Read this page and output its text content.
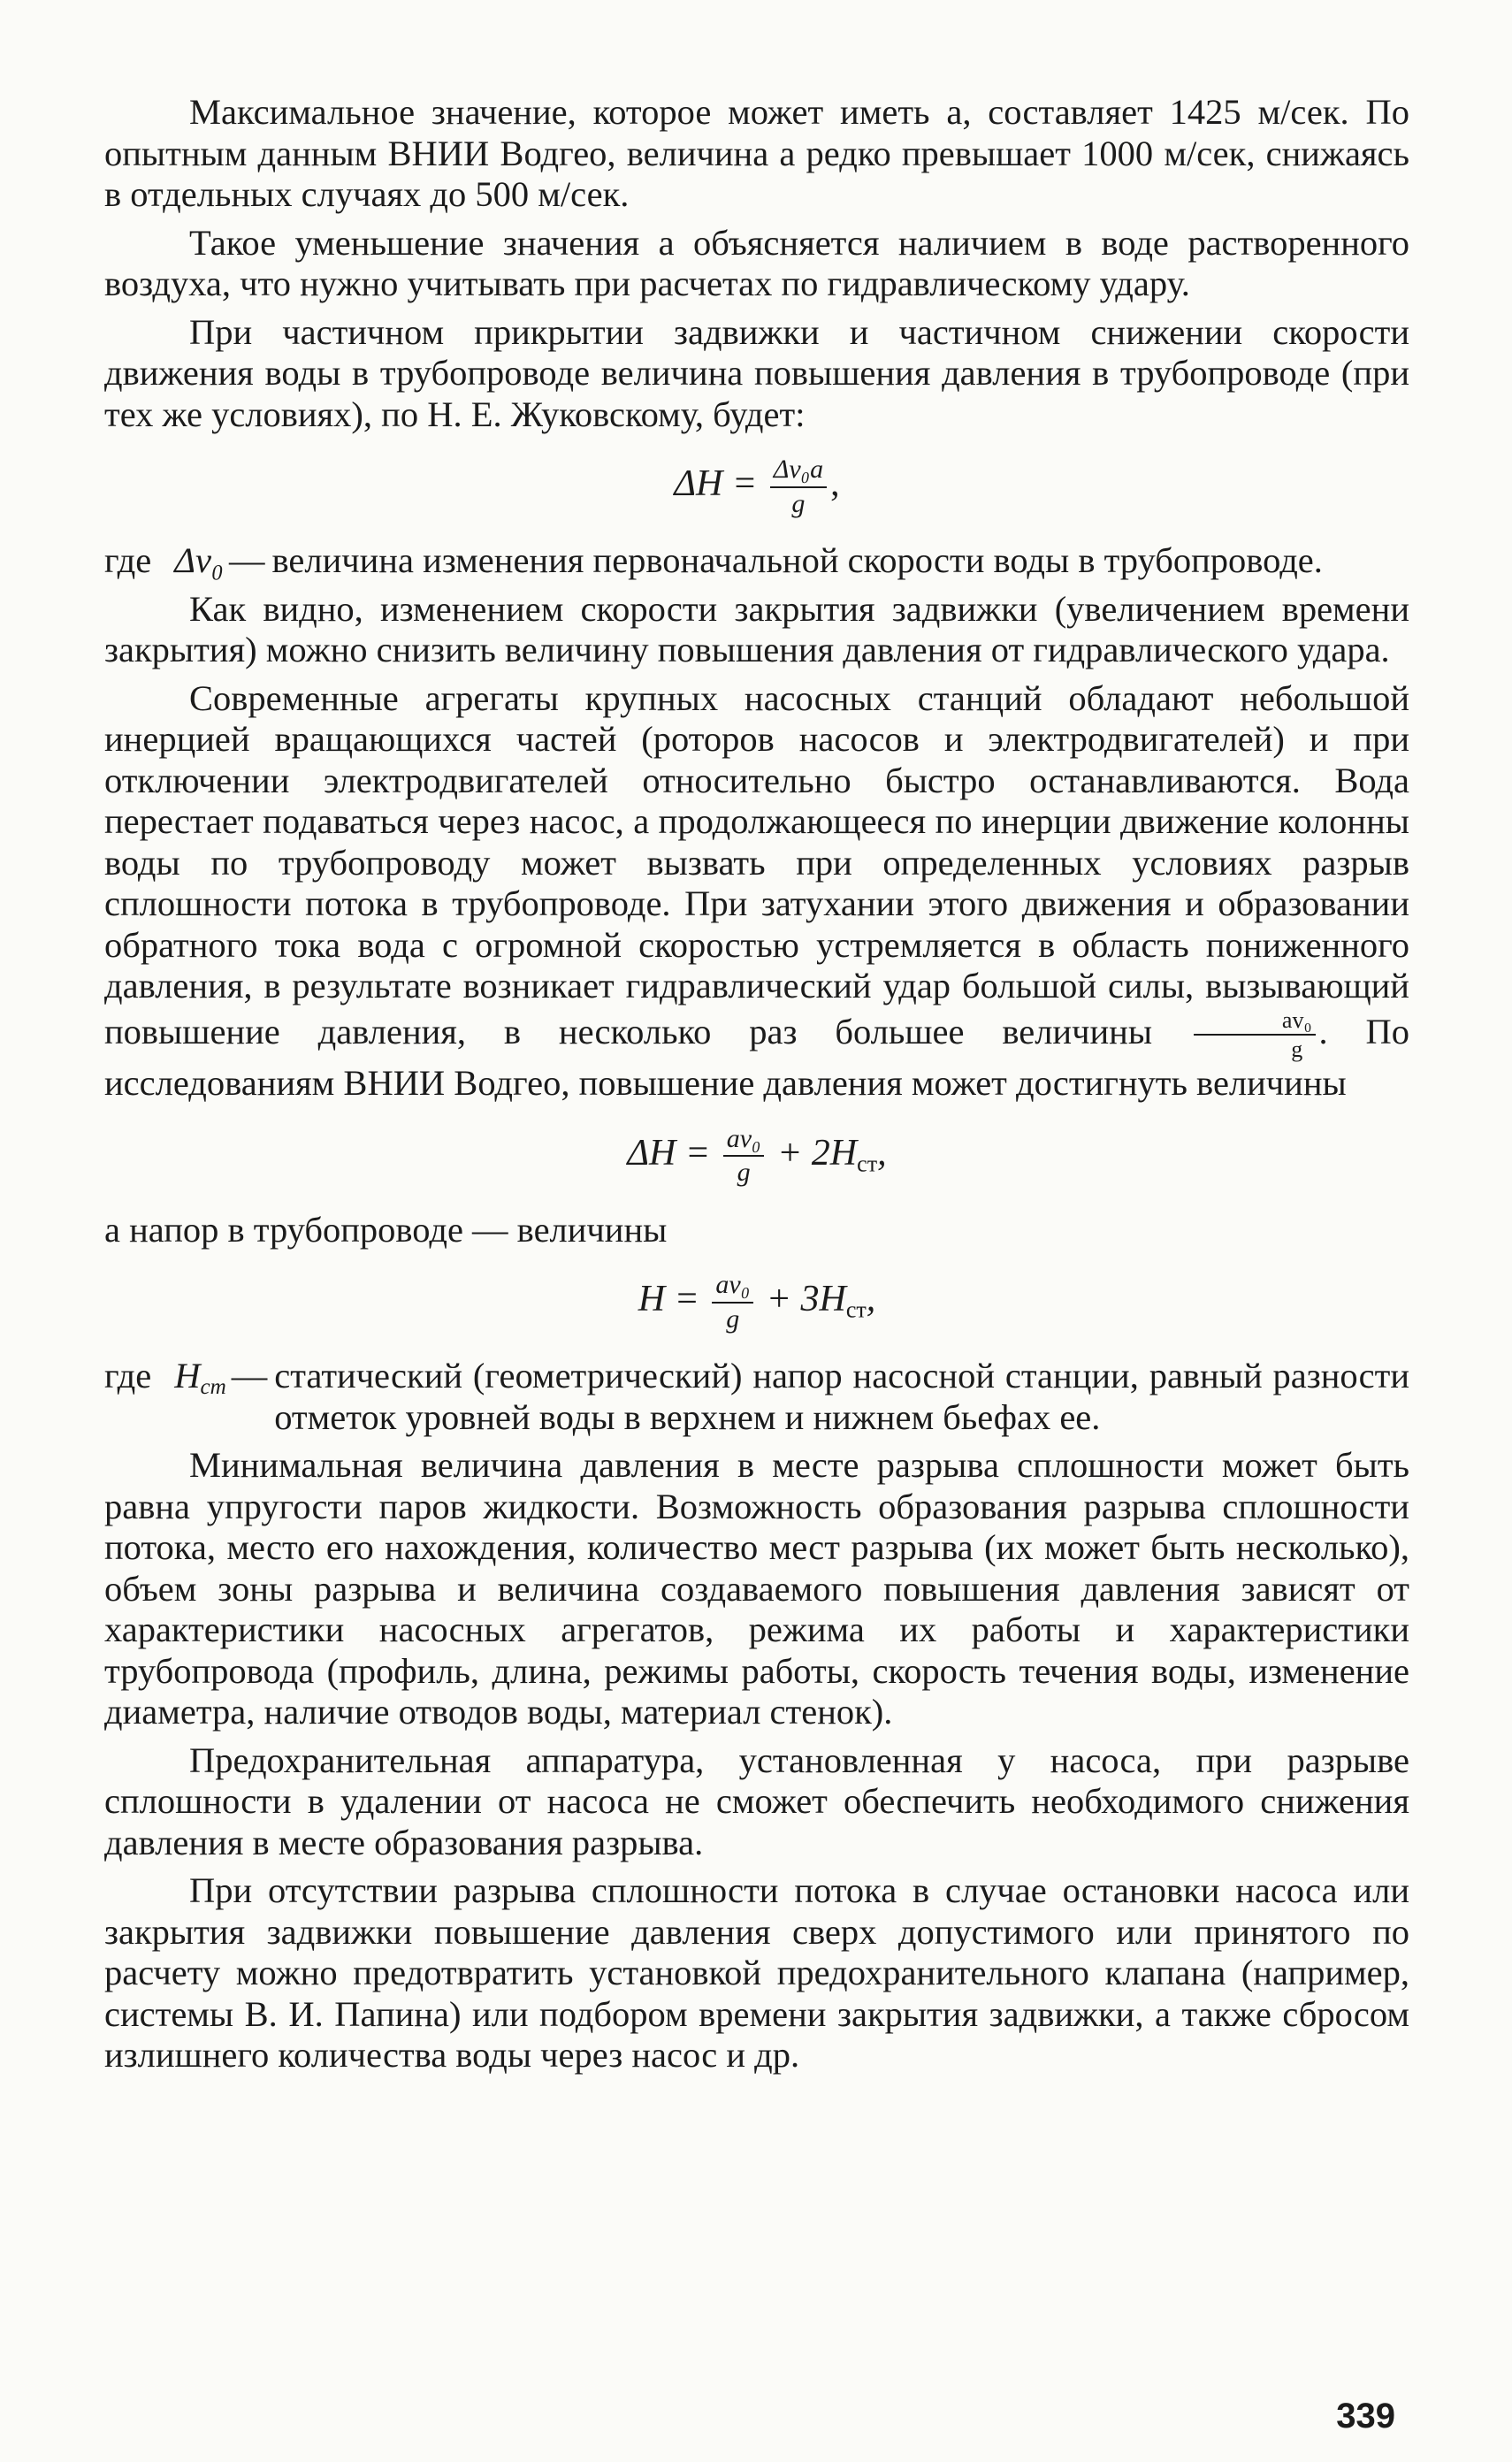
Максимальное значение, которое может иметь a, составляет 1425 м/сек. По опытным данным ВНИИ Водгео, величина a редко превышает 1000 м/сек, снижаясь в отдельных случаях до 500 м/сек.

Такое уменьшение значения a объясняется наличием в воде растворенного воздуха, что нужно учитывать при расчетах по гидравлическому удару.

При частичном прикрытии задвижки и частичном снижении скорости движения воды в трубопроводе величина повышения давления в трубопроводе (при тех же условиях), по Н. Е. Жуковскому, будет:

$\Delta H = \frac{\text{Δv₀a}}{g}$ ,
где Δv₀ — величина изменения первоначальной скорости воды в трубопроводе.

Как видно, изменением скорости закрытия задвижки (увеличением времени закрытия) можно снизить величину повышения давления от гидравлического удара.

Современные агрегаты крупных насосных станций обладают небольшой инерцией вращающихся частей (роторов насосов и электродвигателей) и при отключении электродвигателей относительно быстро останавливаются. Вода перестает подаваться через насос, а продолжающееся по инерции движение колонны воды по трубопроводу может вызвать при определенных условиях разрыв сплошности потока в трубопроводе. При затухании этого движения и образовании обратного тока вода с огромной скоростью устремляется в область пониженного давления, в результате возникает гидравлический удар большой силы, вызывающий повышение давления, в несколько раз большее величины $\frac{\text{av₀}}{g}$ . По исследованиям ВНИИ Водгео, повышение давления может достигнуть величины

$\Delta H = \frac{\text{av₀}}{g} + 2H_{ст}$,

а напор в трубопроводе — величины

$H = \frac{\text{av₀}}{g} + 3H_{ст}$,
где Hст — статический (геометрический) напор насосной станции, равный разности отметок уровней воды в верхнем и нижнем бьефах ее.

Минимальная величина давления в месте разрыва сплошности может быть равна упругости паров жидкости. Возможность образования разрыва сплошности потока, место его нахождения, количество мест разрыва (их может быть несколько), объем зоны разрыва и величина создаваемого повышения давления зависят от характеристики насосных агрегатов, режима их работы и характеристики трубопровода (профиль, длина, режимы работы, скорость течения воды, изменение диаметра, наличие отводов воды, материал стенок).

Предохранительная аппаратура, установленная у насоса, при разрыве сплошности в удалении от насоса не сможет обеспечить необходимого снижения давления в месте образования разрыва.

При отсутствии разрыва сплошности потока в случае остановки насоса или закрытия задвижки повышение давления сверх допустимого или принятого по расчету можно предотвратить установкой предохранительного клапана (например, системы В. И. Папина) или подбором времени закрытия задвижки, а также сбросом излишнего количества воды через насос и др.

339
